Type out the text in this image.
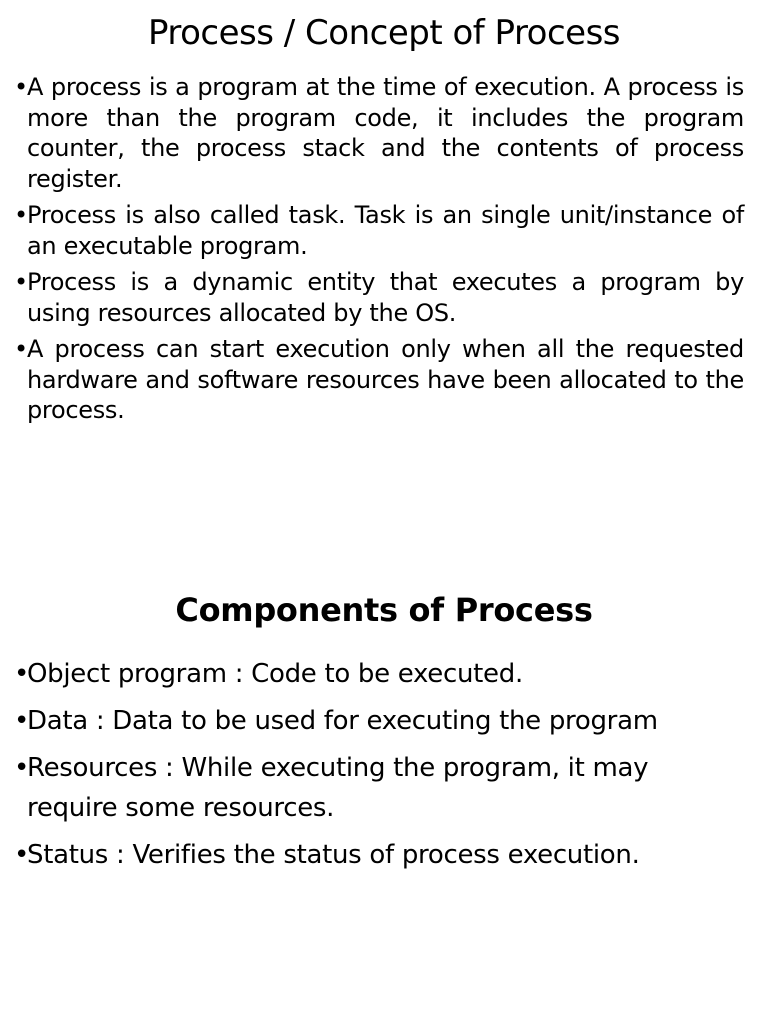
Process / Concept of Process
• A process is a program at the time of execution. A process is more than the program code, it includes the program counter, the process stack and the contents of process register.
• Process is also called task. Task is an single unit/instance of an executable program.
• Process is a dynamic entity that executes a program by using resources allocated by the OS.
• A process can start execution only when all the requested hardware and software resources have been allocated to the process.
Components of Process
•
Object program : Code to be executed.
•
Data : Data to be used for executing the program
•
Resources : While executing the program, it may require some resources.
•
Status : Verifies the status of process execution.
